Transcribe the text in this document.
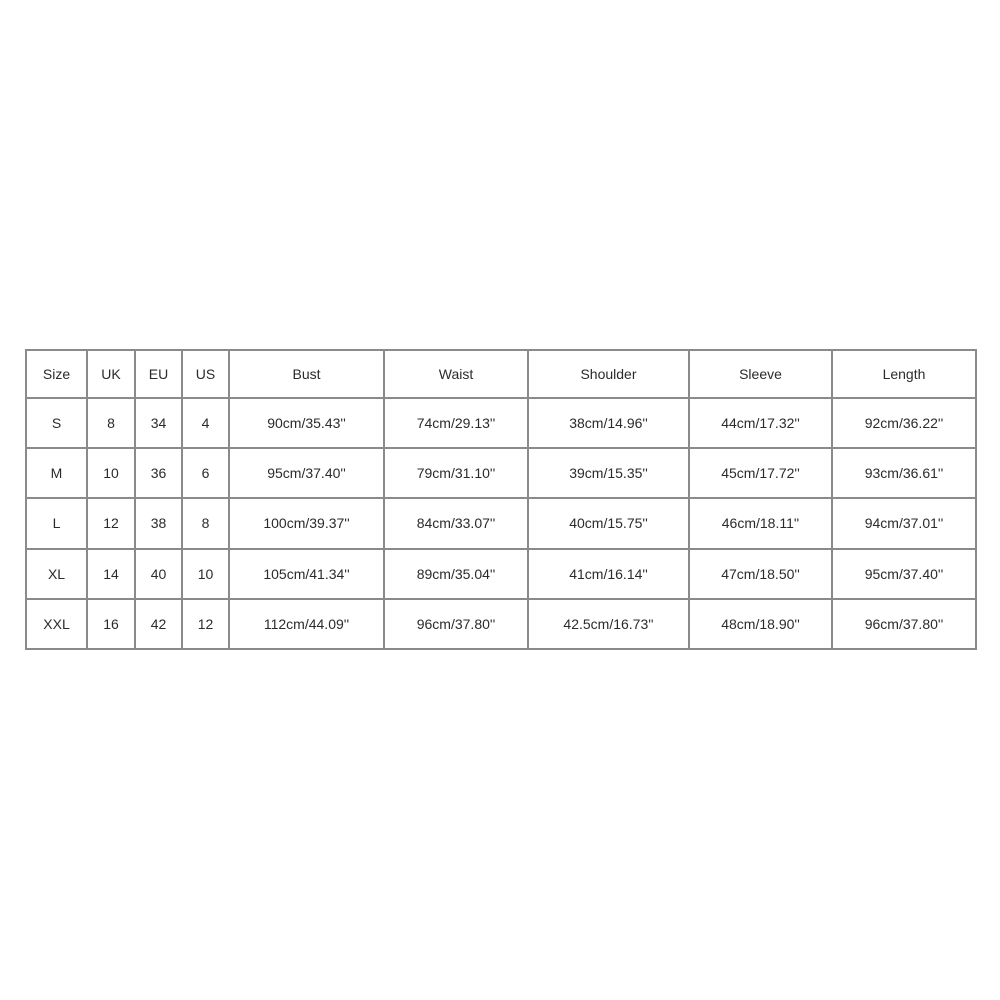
Size	UK	EU	US	Bust	Waist	Shoulder	Sleeve	Length
S	8	34	4	90cm/35.43''	74cm/29.13''	38cm/14.96''	44cm/17.32''	92cm/36.22''
M	10	36	6	95cm/37.40''	79cm/31.10''	39cm/15.35''	45cm/17.72''	93cm/36.61''
L	12	38	8	100cm/39.37''	84cm/33.07''	40cm/15.75''	46cm/18.11''	94cm/37.01''
XL	14	40	10	105cm/41.34''	89cm/35.04''	41cm/16.14''	47cm/18.50''	95cm/37.40''
XXL	16	42	12	112cm/44.09''	96cm/37.80''	42.5cm/16.73''	48cm/18.90''	96cm/37.80''
